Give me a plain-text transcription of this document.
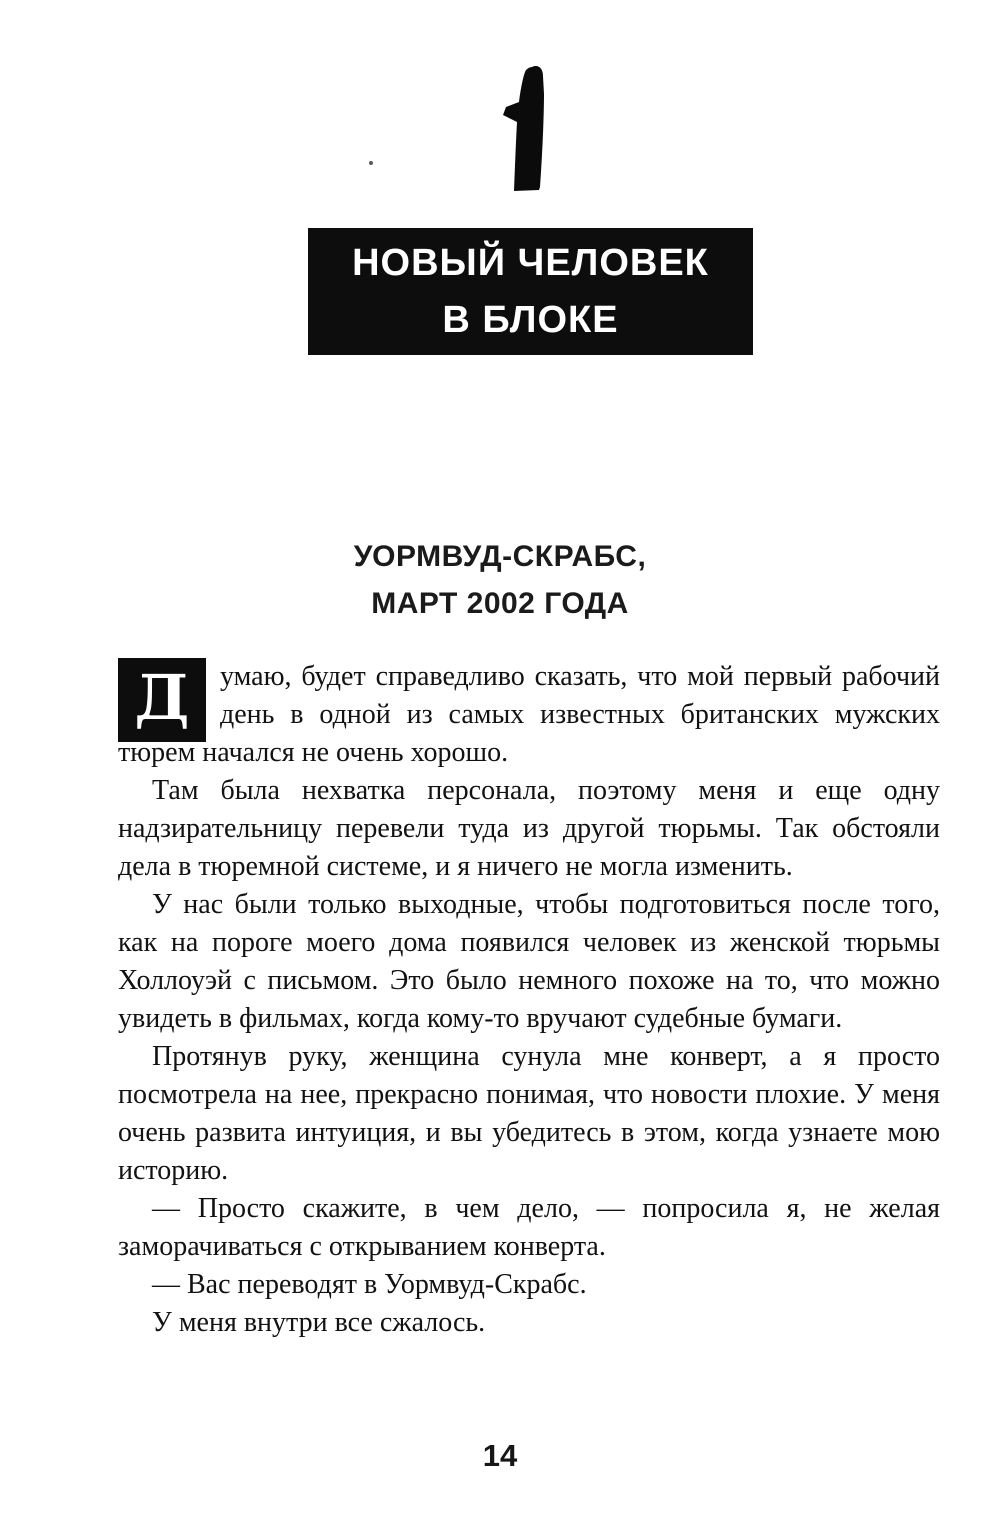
НОВЫЙ ЧЕЛОВЕК
В БЛОКЕ
УОРМВУД-СКРАБС,
МАРТ 2002 ГОДА

Д	умаю, будет справедливо сказать, что мой первый рабочий день в одной из самых известных британских мужских тюрем начался не очень хорошо.

Там была нехватка персонала, поэтому меня и еще одну надзирательницу перевели туда из другой тюрьмы. Так обстояли дела в тюремной системе, и я ничего не могла изменить.

У нас были только выходные, чтобы подготовиться после того, как на пороге моего дома появился человек из женской тюрьмы Холлоуэй с письмом. Это было немного похоже на то, что можно увидеть в фильмах, когда кому-то вручают судебные бумаги.

Протянув руку, женщина сунула мне конверт, а я просто посмотрела на нее, прекрасно понимая, что новости плохие. У меня очень развита интуиция, и вы убедитесь в этом, когда узнаете мою историю.

— Просто скажите, в чем дело, — попросила я, не желая заморачиваться с открыванием конверта.

— Вас переводят в Уормвуд-Скрабс.

У меня внутри все сжалось.

14
